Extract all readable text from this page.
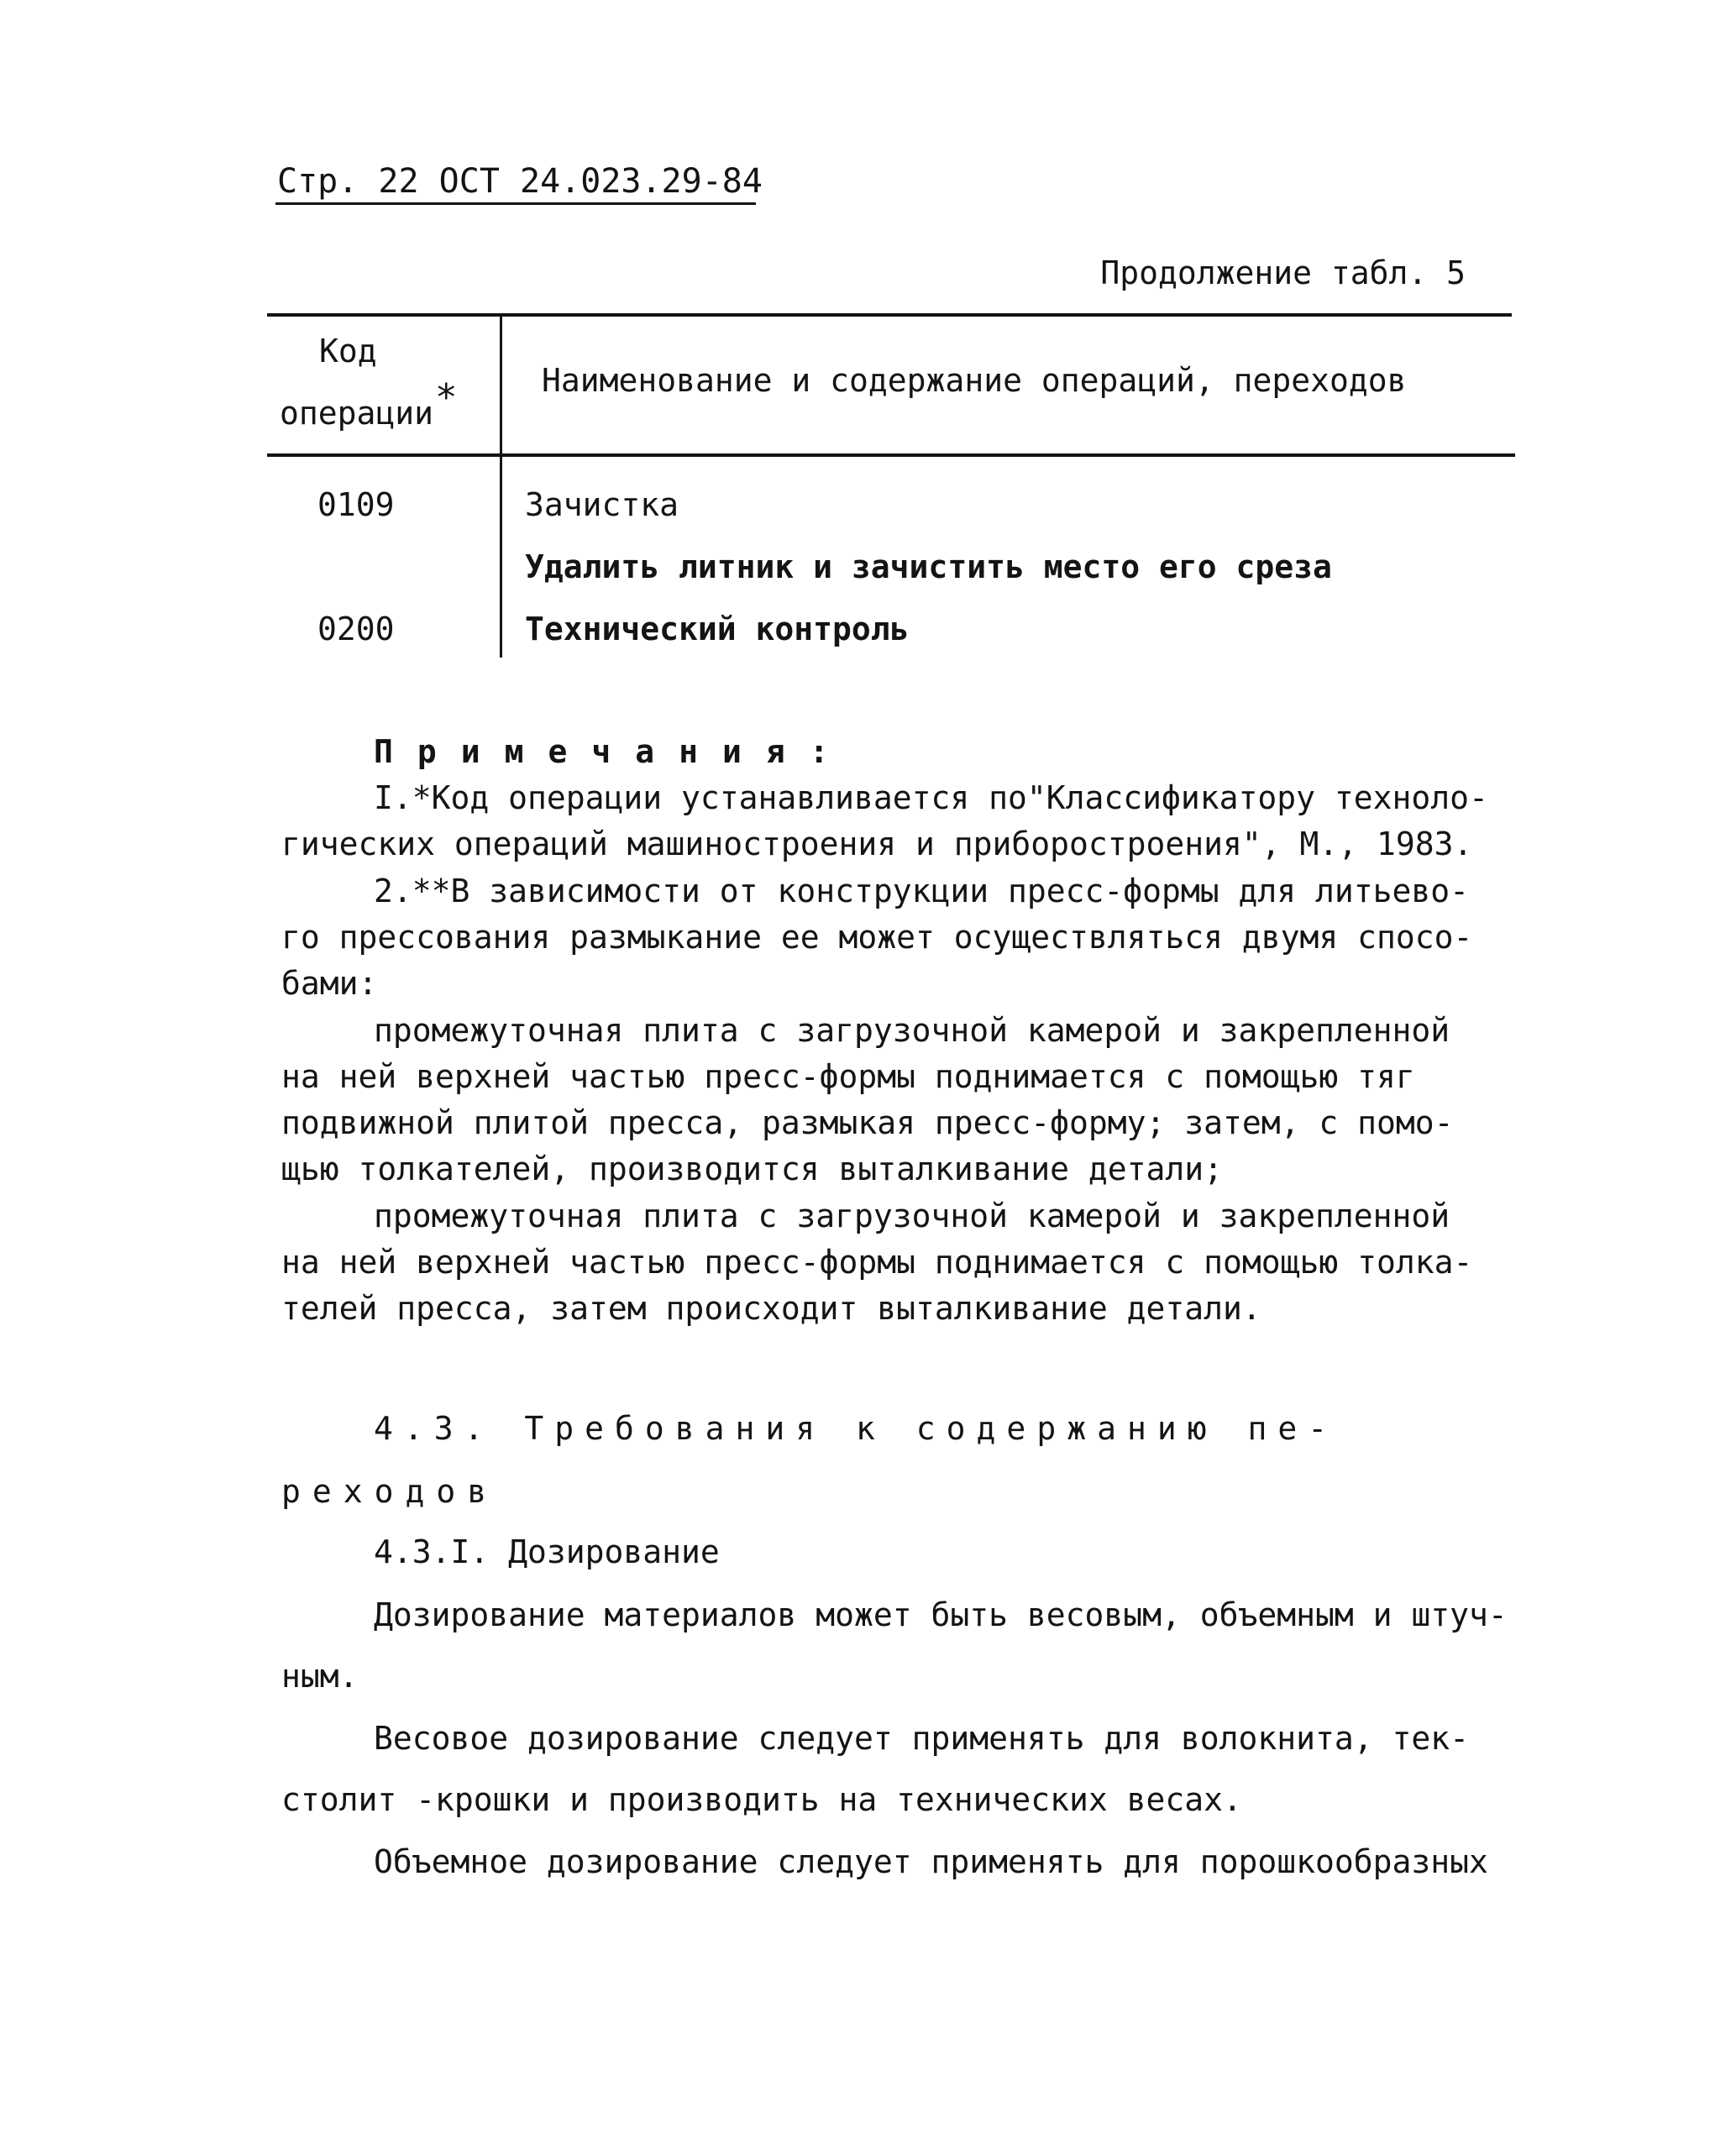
Стр. 22 ОСТ 24.023.29-84
Продолжение табл. 5
Код
операции *	Наименование и содержание операций, переходов
0109	Зачистка
Удалить литник и зачистить место его среза
0200	Технический контроль
Примечания:
I.*Код операции устанавливается по"Классификатору техноло-
гических операций машиностроения и приборостроения", М., 1983.
2.**В зависимости от конструкции пресс-формы для литьево-
го прессования размыкание ее может осуществляться двумя спосо-
бами:
промежуточная плита с загрузочной камерой и закрепленной
на ней верхней частью пресс-формы поднимается с помощью тяг
подвижной плитой пресса, размыкая пресс-форму; затем, с помо-
щью толкателей, производится выталкивание детали;
промежуточная плита с загрузочной камерой и закрепленной
на ней верхней частью пресс-формы поднимается с помощью толка-
телей пресса, затем происходит выталкивание детали.
4.3. Требования к содержанию пе-
реходов
4.3.I. Дозирование
Дозирование материалов может быть весовым, объемным и штуч-
ным.
Весовое дозирование следует применять для волокнита, тек-
столит -крошки и производить на технических весах.
Объемное дозирование следует применять для порошкообразных
